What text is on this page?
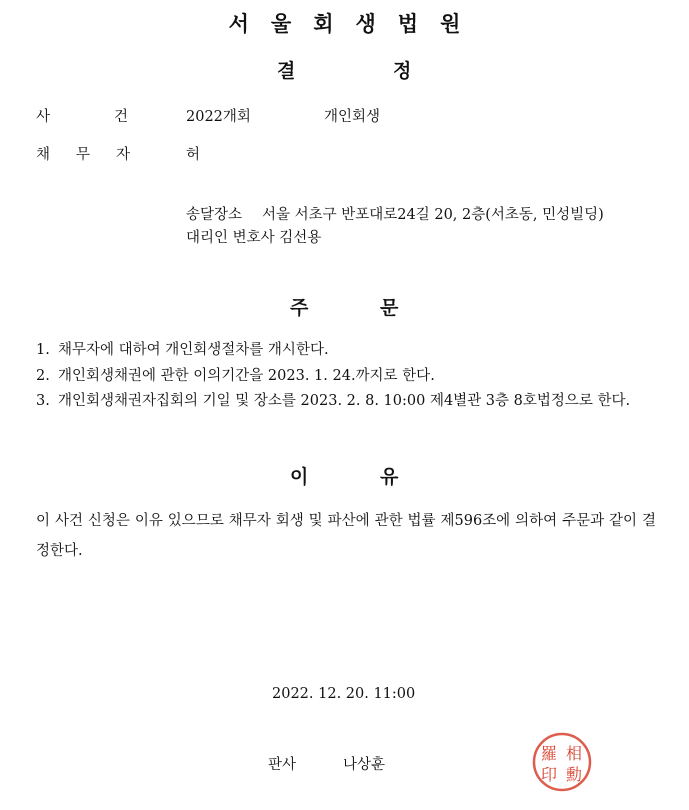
서 울 회 생 법 원
결	정
사	건	2022개회	개인회생
채 무 자	허
송달장소 서울 서초구 반포대로24길 20, 2층(서초동, 민성빌딩)
대리인 변호사 김선용
주	문
1. 채무자에 대하여 개인회생절차를 개시한다.
2. 개인회생채권에 관한 이의기간을 2023. 1. 24.까지로 한다.
3. 개인회생채권자집회의 기일 및 장소를 2023. 2. 8. 10:00 제4별관 3층 8호법정으로 한다.
이	유
이 사건 신청은 이유 있으므로 채무자 회생 및 파산에 관한 법률 제596조에 의하여 주문과 같이 결정한다.
2022. 12. 20. 11:00
판사	나상훈
羅 相
印 勳
